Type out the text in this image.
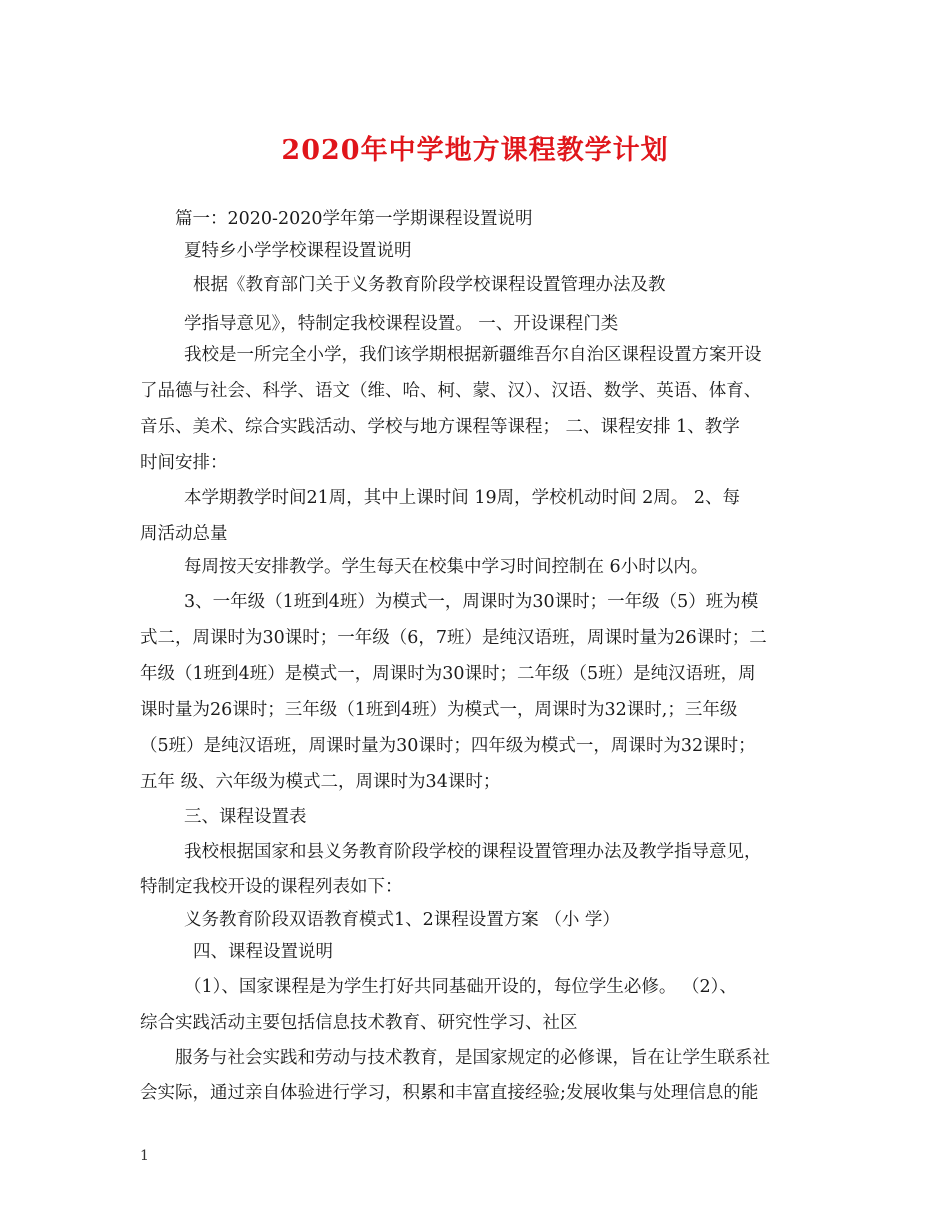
2020年中学地方课程教学计划
篇一：2020-2020学年第一学期课程设置说明
夏特乡小学学校课程设置说明
根据《教育部门关于义务教育阶段学校课程设置管理办法及教
学指导意见》，特制定我校课程设置。 一、开设课程门类
我校是一所完全小学，我们该学期根据新疆维吾尔自治区课程设置方案开设
了品德与社会、科学、语文（维、哈、柯、蒙、汉）、汉语、数学、英语、体育、
音乐、美术、综合实践活动、学校与地方课程等课程； 二、课程安排 1、教学
时间安排：
本学期教学时间21周，其中上课时间 19周，学校机动时间 2周。 2、每
周活动总量
每周按天安排教学。学生每天在校集中学习时间控制在 6小时以内。
3、一年级（1班到4班）为模式一，周课时为30课时；一年级（5）班为模
式二，周课时为30课时；一年级（6，7班）是纯汉语班，周课时量为26课时；二
年级（1班到4班）是模式一，周课时为30课时；二年级（5班）是纯汉语班，周
课时量为26课时；三年级（1班到4班）为模式一，周课时为32课时,；三年级
（5班）是纯汉语班，周课时量为30课时；四年级为模式一，周课时为32课时；
五年 级、六年级为模式二，周课时为34课时；
三、课程设置表
我校根据国家和县义务教育阶段学校的课程设置管理办法及教学指导意见，
特制定我校开设的课程列表如下：
义务教育阶段双语教育模式1、2课程设置方案 （小 学）
四、课程设置说明
（1）、国家课程是为学生打好共同基础开设的，每位学生必修。 （2）、
综合实践活动主要包括信息技术教育、研究性学习、社区
服务与社会实践和劳动与技术教育，是国家规定的必修课，旨在让学生联系社
会实际，通过亲自体验进行学习，积累和丰富直接经验;发展收集与处理信息的能
1
